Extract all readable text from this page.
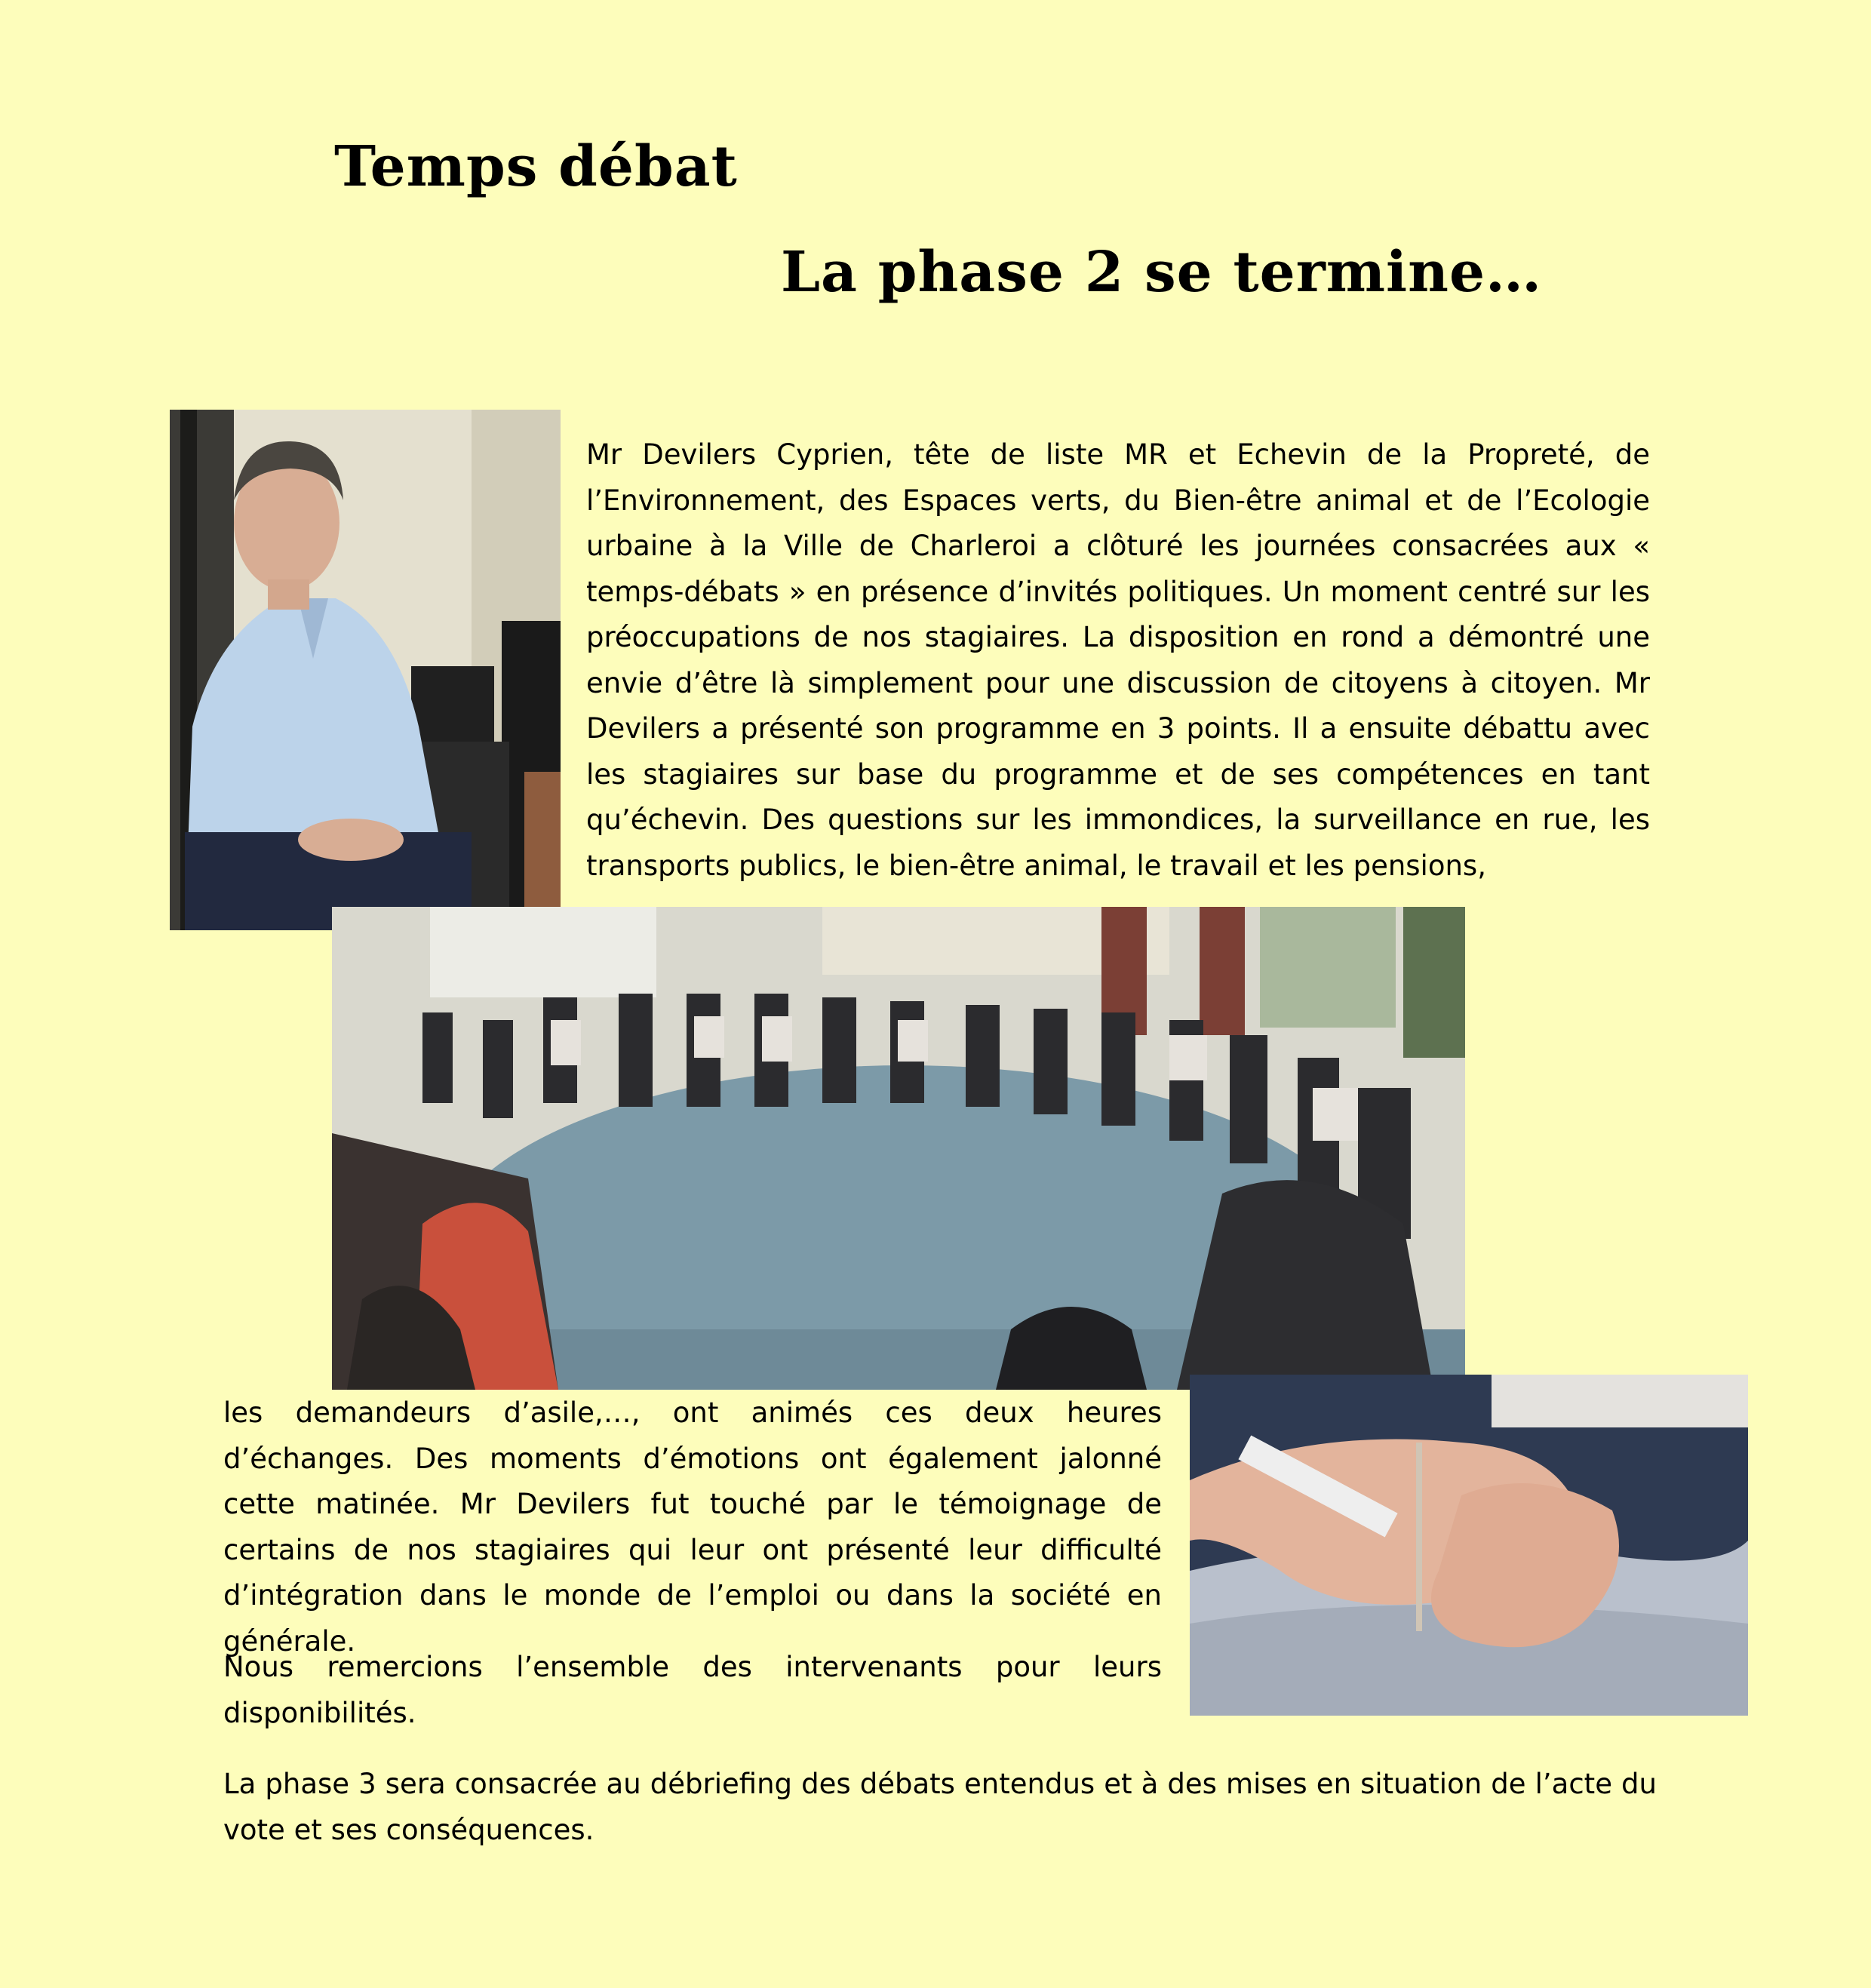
Temps débat
La phase 2 se termine…

Mr Devilers Cyprien, tête de liste MR et Echevin de la Propreté, de l’Environnement, des Espaces verts, du Bien-être animal et de l’Ecologie urbaine à la Ville de Charleroi a clôturé les journées consacrées aux « temps-débats » en présence d’invités politiques. Un moment centré sur les préoccupations de nos stagiaires. La disposition en rond a démontré une envie d’être là simplement pour une discussion de citoyens à citoyen. Mr Devilers a présenté son programme en 3 points. Il a ensuite débattu avec les stagiaires sur base du programme et de ses compétences en tant qu’échevin. Des questions sur les immondices, la surveillance en rue, les transports publics, le bien-être animal, le travail et les pensions,

les demandeurs d’asile,…, ont animés ces deux heures d’échanges. Des moments d’émotions ont également jalonné cette matinée. Mr Devilers fut touché par le témoignage de certains de nos stagiaires qui leur ont présenté leur difficulté d’intégration dans le monde de l’emploi ou dans la société en générale.

Nous remercions l’ensemble des intervenants pour leurs disponibilités.

La phase 3 sera consacrée au débriefing des débats entendus et à des mises en situation de l’acte du vote et ses conséquences.
